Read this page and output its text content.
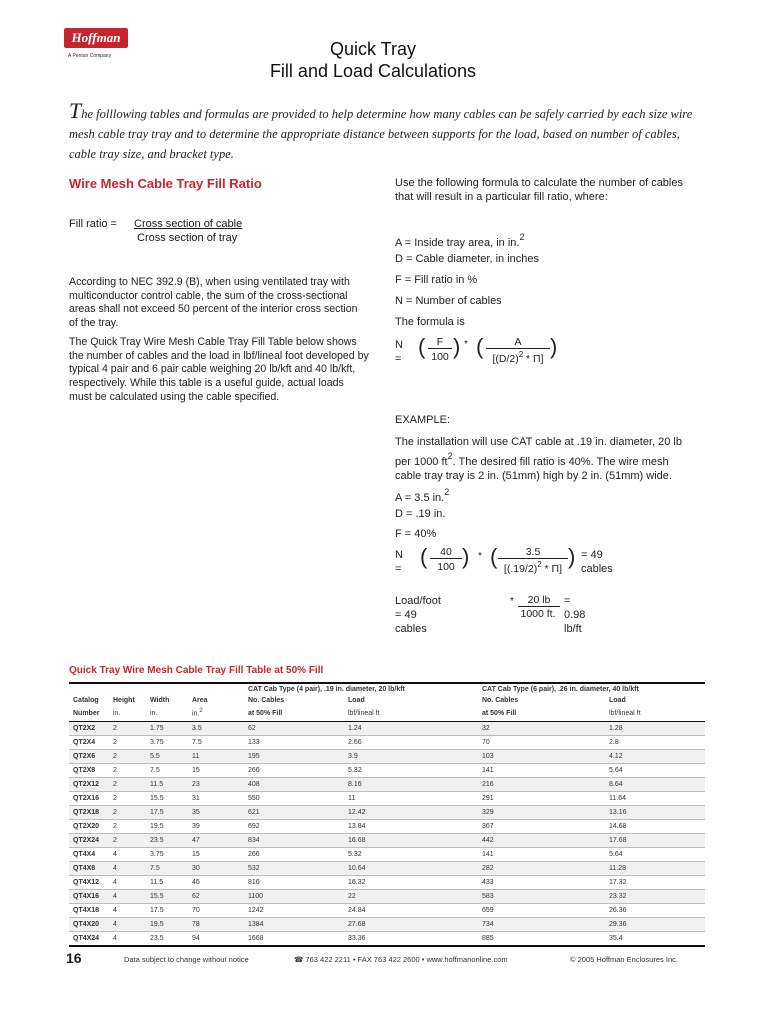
Hoffman
A Pentair Company	Quick Tray
Fill and Load Calculations
The folllowing tables and formulas are provided to help determine how many cables can be safely carried by each size wire mesh cable tray tray and to determine the appropriate distance between supports for the load, based on number of cables, cable tray size, and bracket type.
Wire Mesh Cable Tray Fill Ratio
Fill ratio = Cross section of cable
Cross section of tray
According to NEC 392.9 (B), when using ventilated tray with multiconductor control cable, the sum of the cross-sectional areas shall not exceed 50 percent of the interior cross section of the tray.
The Quick Tray Wire Mesh Cable Tray Fill Table below shows the number of cables and the load in lbf/lineal foot developed by typical 4 pair and 6 pair cable weighing 20 lb/kft and 40 lb/kft, respectively. While this table is a useful guide, actual loads must be calculated using the cable specified.
Use the following formula to calculate the number of cables that will result in a particular fill ratio, where:
A = Inside tray area, in in.$^2$
D = Cable diameter, in inches
F = Fill ratio in %
N = Number of cables
The formula is
N = (	F
100 ) * (	A
$[(D/2)^2 * \Pi]$ )
EXAMPLE:
The installation will use CAT cable at .19 in. diameter, 20 lb per 1000 $ft^2$. The desired fill ratio is 40%. The wire mesh cable tray tray is 2 in. (51mm) high by 2 in. (51mm) wide.
A = 3.5 in.$^2$
D = .19 in.
F = 40%
N = (	40
100 ) * (	3.5
$[(.19/2)^2 * \Pi]$ ) = 49 cables
Load/foot = 49 cables
*	20 lb
1000 ft.
= 0.98 lb/ft
Quick Tray Wire Mesh Cable Tray Fill Table at 50% Fill
				CAT Cab Type (4 pair), .19 in. diameter, 20 lb/kft		CAT Cab Type (6 pair), .26 in. diameter, 40 lb/kft	
Catalog	Height	Width	Area	No. Cables	Load	No. Cables	Load
Number	in.	in.	in.$^2$	at 50% Fill	lbf/lineal ft	at 50% Fill	lbf/lineal ft
QT2X2	2	1.75	3.5	62	1.24	32	1.28
QT2X4	2	3.75	7.5	133	2.66	70	2.8
QT2X6	2	5.5	11	195	3.9	103	4.12
QT2X8	2	7.5	15	266	5.32	141	5.64
QT2X12	2	11.5	23	408	8.16	216	8.64
QT2X16	2	15.5	31	550	11	291	11.64
QT2X18	2	17.5	35	621	12.42	329	13.16
QT2X20	2	19.5	39	692	13.84	367	14.68
QT2X24	2	23.5	47	834	16.68	442	17.68
QT4X4	4	3.75	15	266	5.32	141	5.64
QT4X8	4	7.5	30	532	10.64	282	11.28
QT4X12	4	11.5	46	816	16.32	433	17.32
QT4X16	4	15.5	62	1100	22	583	23.32
QT4X18	4	17.5	70	1242	24.84	659	26.36
QT4X20	4	19.5	78	1384	27.68	734	29.36
QT4X24	4	23.5	94	1668	33.36	885	35.4
16	Data subject to change without notice	☎ 763 422 2211 • FAX 763 422 2600 • www.hoffmanonline.com	© 2005 Hoffman Enclosures Inc.
